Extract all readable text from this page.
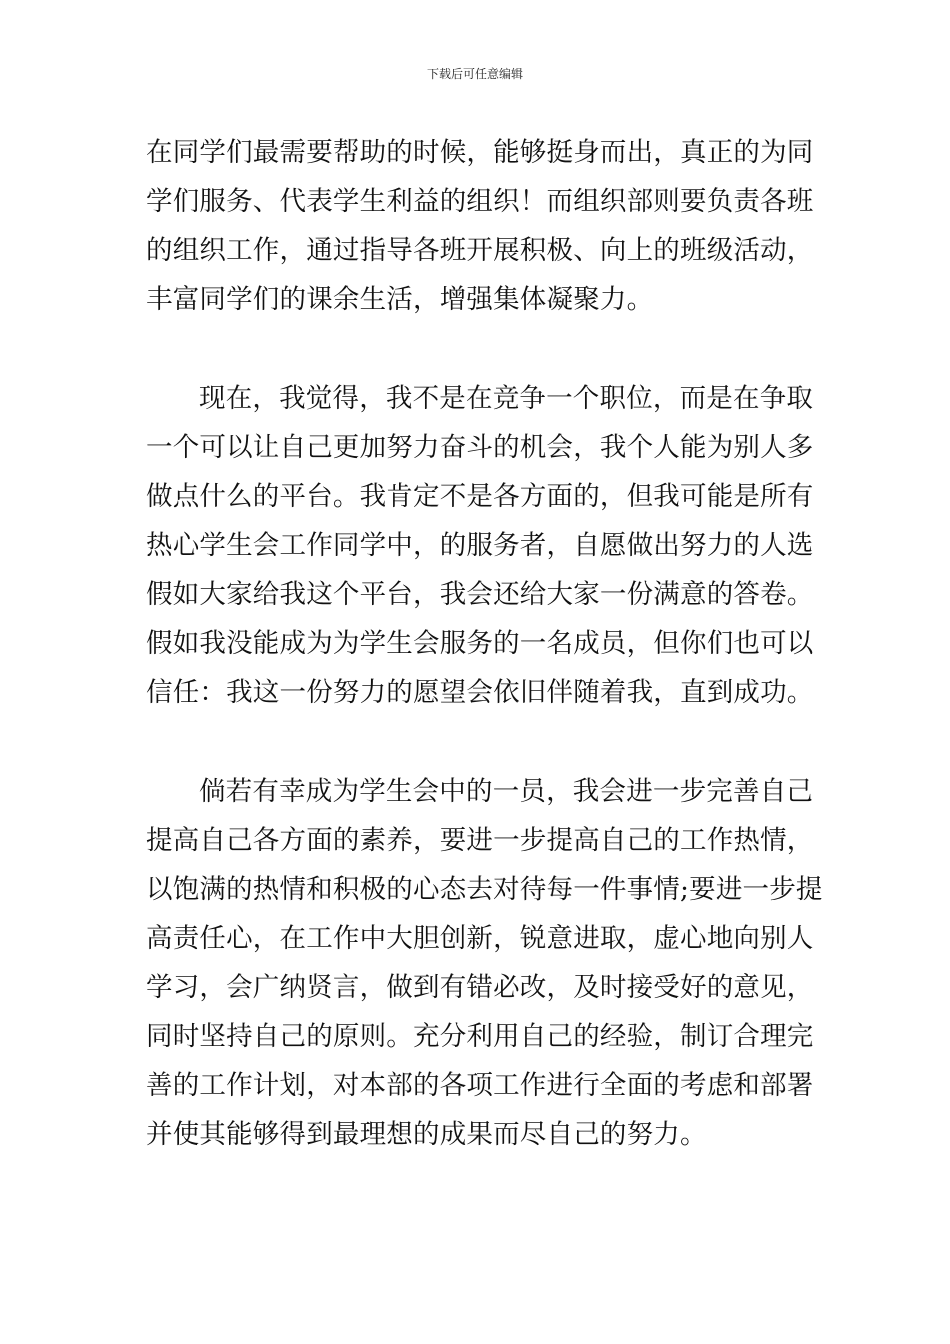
下载后可任意编辑
在同学们最需要帮助的时候，能够挺身而出，真正的为同
学们服务、代表学生利益的组织！而组织部则要负责各班
的组织工作，通过指导各班开展积极、向上的班级活动，
丰富同学们的课余生活，增强集体凝聚力。
现在，我觉得，我不是在竞争一个职位，而是在争取
一个可以让自己更加努力奋斗的机会，我个人能为别人多
做点什么的平台。我肯定不是各方面的，但我可能是所有
热心学生会工作同学中，的服务者，自愿做出努力的人选
假如大家给我这个平台，我会还给大家一份满意的答卷。
假如我没能成为为学生会服务的一名成员，但你们也可以
信任：我这一份努力的愿望会依旧伴随着我，直到成功。
倘若有幸成为学生会中的一员，我会进一步完善自己
提高自己各方面的素养，要进一步提高自己的工作热情，
以饱满的热情和积极的心态去对待每一件事情;要进一步提
高责任心，在工作中大胆创新，锐意进取，虚心地向别人
学习，会广纳贤言，做到有错必改，及时接受好的意见，
同时坚持自己的原则。充分利用自己的经验，制订合理完
善的工作计划，对本部的各项工作进行全面的考虑和部署
并使其能够得到最理想的成果而尽自己的努力。
